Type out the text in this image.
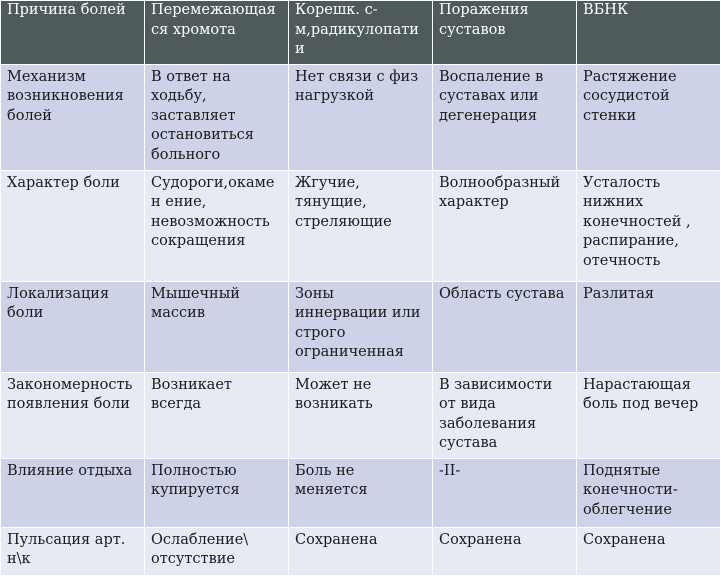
Причина болей	Перемежающая ся хромота	Корешк. с-м,радикулопати и	Поражения суставов	ВБНК
Механизм возникновения болей	В ответ на ходьбу, заставляет остановиться больного	Нет связи с физ нагрузкой	Воспаление в суставах или дегенерация	Растяжение сосудистой стенки
Характер боли	Судороги,окамен ение, невозможность сокращения	Жгучие, тянущие, стреляющие	Волнообразный характер	Усталость нижних конечностей , распирание, отечность
Локализация боли	Мышечный массив	Зоны иннервации или строго ограниченная	Область сустава	Разлитая
Закономерность появления боли	Возникает всегда	Может не возникать	В зависимости от вида заболевания сустава	Нарастающая боль под вечер
Влияние отдыха	Полностью купируется	Боль не меняется	-II-	Поднятые конечности-облегчение
Пульсация арт. н\к	Ослабление\ отсутствие	Сохранена	Сохранена	Сохранена
